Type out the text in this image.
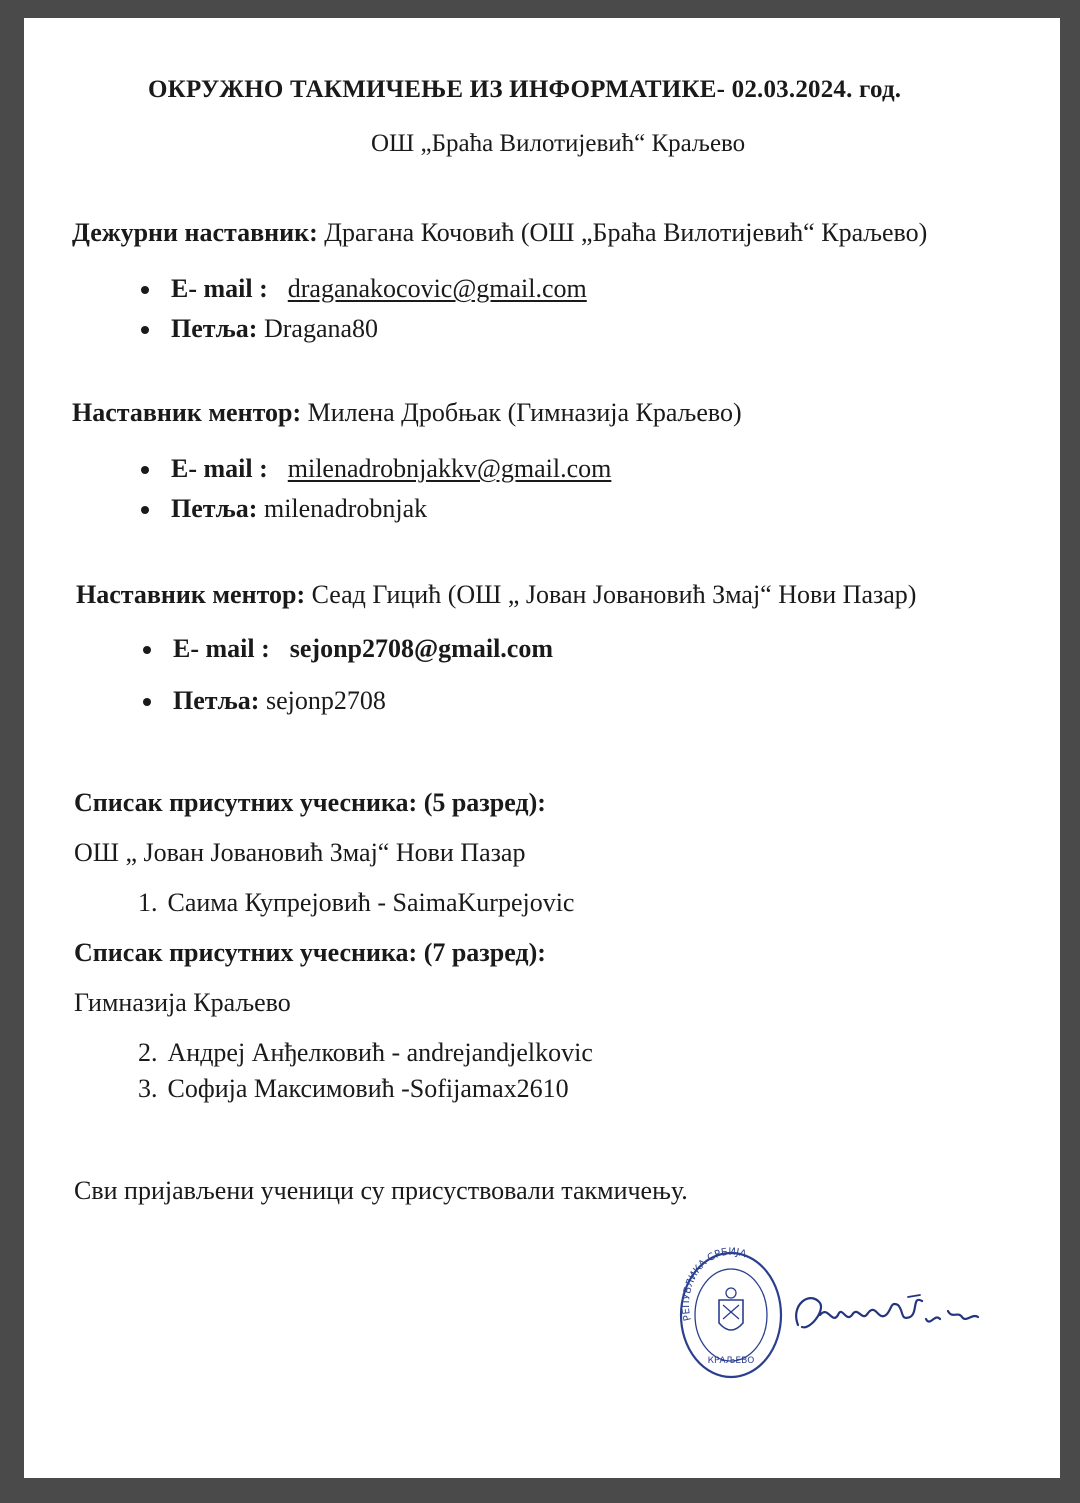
ОКРУЖНО ТАКМИЧЕЊЕ ИЗ ИНФОРМАТИКЕ- 02.03.2024. год.
ОШ „Браћа Вилотијевић“ Краљево
Дежурни наставник: Драгана Кочовић (ОШ „Браћа Вилотијевић“ Краљево)
E- mail : draganakocovic@gmail.com
Петља: Dragana80
Наставник ментор: Милена Дробњак (Гимназија Краљево)
E- mail : milenadrobnjakkv@gmail.com
Петља: milenadrobnjak
Наставник ментор: Сеад Гицић (ОШ „ Јован Јовановић Змај“ Нови Пазар)
E- mail : sejonp2708@gmail.com
Петља: sejonp2708
Списак присутних учесника: (5 разред):
ОШ „ Јован Јовановић Змај“ Нови Пазар
1. Саима Купрејовић - SaimaKurpejovic
Списак присутних учесника: (7 разред):
Гимназија Краљево
2. Андреј Анђелковић - andrejandjelkovic
3. Софија Максимовић -Sofijamax2610
Сви пријављени ученици су присуствовали такмичењу.
РЕПУБЛИКА СРБИЈА
КРАЉЕВО
